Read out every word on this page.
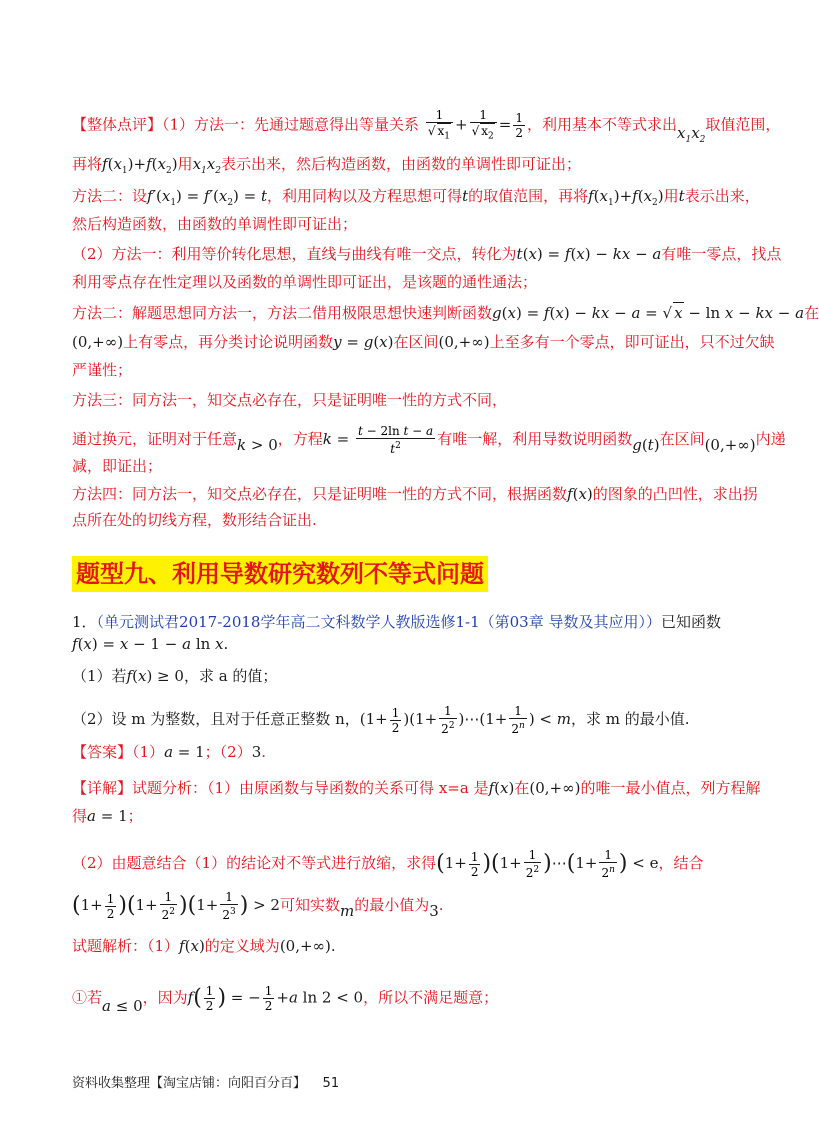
【整体点评】（1）方法一：先通过题意得出等量关系 $\frac{1}{√ x_1} + \frac{1}{√ x_2} = \frac{1}{2}$ ，利用基本不等式求出$x_1x_2$取值范围，
再将$f(x_1)+f(x_2)$用$x_1x_2$表示出来，然后构造函数，由函数的单调性即可证出；
方法二：设$f'(x_1) = f'(x_2) = t$，利用同构以及方程思想可得t的取值范围，再将$f(x_1)+f(x_2)$用t表示出来，
然后构造函数，由函数的单调性即可证出；
（2）方法一：利用等价转化思想，直线与曲线有唯一交点，转化为t(x) = f(x) − kx − a有唯一零点，找点
利用零点存在性定理以及函数的单调性即可证出，是该题的通性通法；
方法二：解题思想同方法一，方法二借用极限思想快速判断函数g(x) = f(x) − kx − a = √ x − ln x − kx − a在
(0,+∞)上有零点，再分类讨论说明函数y = g(x)在区间(0,+∞)上至多有一个零点，即可证出，只不过欠缺
严谨性；
方法三：同方法一，知交点必存在，只是证明唯一性的方式不同，
通过换元，证明对于任意k > 0，方程$k = \frac{\text{t − 2ln t − a}}{t^2}$ 有唯一解，利用导数说明函数g(t)在区间(0,+∞)内递
减，即证出；
方法四：同方法一，知交点必存在，只是证明唯一性的方式不同，根据函数f(x)的图象的凸凹性，求出拐
点所在处的切线方程，数形结合证出.
题型九、利用导数研究数列不等式问题
1．（单元测试君2017-2018学年高二文科数学人教版选修1-1（第03章 导数及其应用））已知函数
f(x) = x − 1 − a ln x.
（1）若f(x) ≥ 0，求 a 的值；
（2）设 m 为整数，且对于任意正整数 n，$(1+ \frac{1}{2} )(1+ \frac{1}{2^2}$ )⋯(1+ $\frac{1}{2^n}$ ) < m，求 m 的最小值.
【答案】（1）a = 1；（2）3.
【详解】试题分析：（1）由原函数与导函数的关系可得 x=a 是f(x)在(0,+∞)的唯一最小值点，列方程解
得a = 1；
（2）由题意结合（1）的结论对不等式进行放缩，求得$(1+ \frac{1}{2} )(1+ \frac{1}{2^2}$ )⋯(1+ $\frac{1}{2^n}$ ) < e，结合
$(1+ \frac{1}{2} )(1+ \frac{1}{2^2} )(1+ \frac{1}{2^3}$ ) > 2可知实数m的最小值为3.
试题解析：（1）f(x)的定义域为(0,+∞).
①若a ≤ 0，因为$f( \frac{1}{2}$ ) = − $\frac{1}{2} +a$ ln 2 < 0，所以不满足题意；
资料收集整理【淘宝店铺：向阳百分百】 51
